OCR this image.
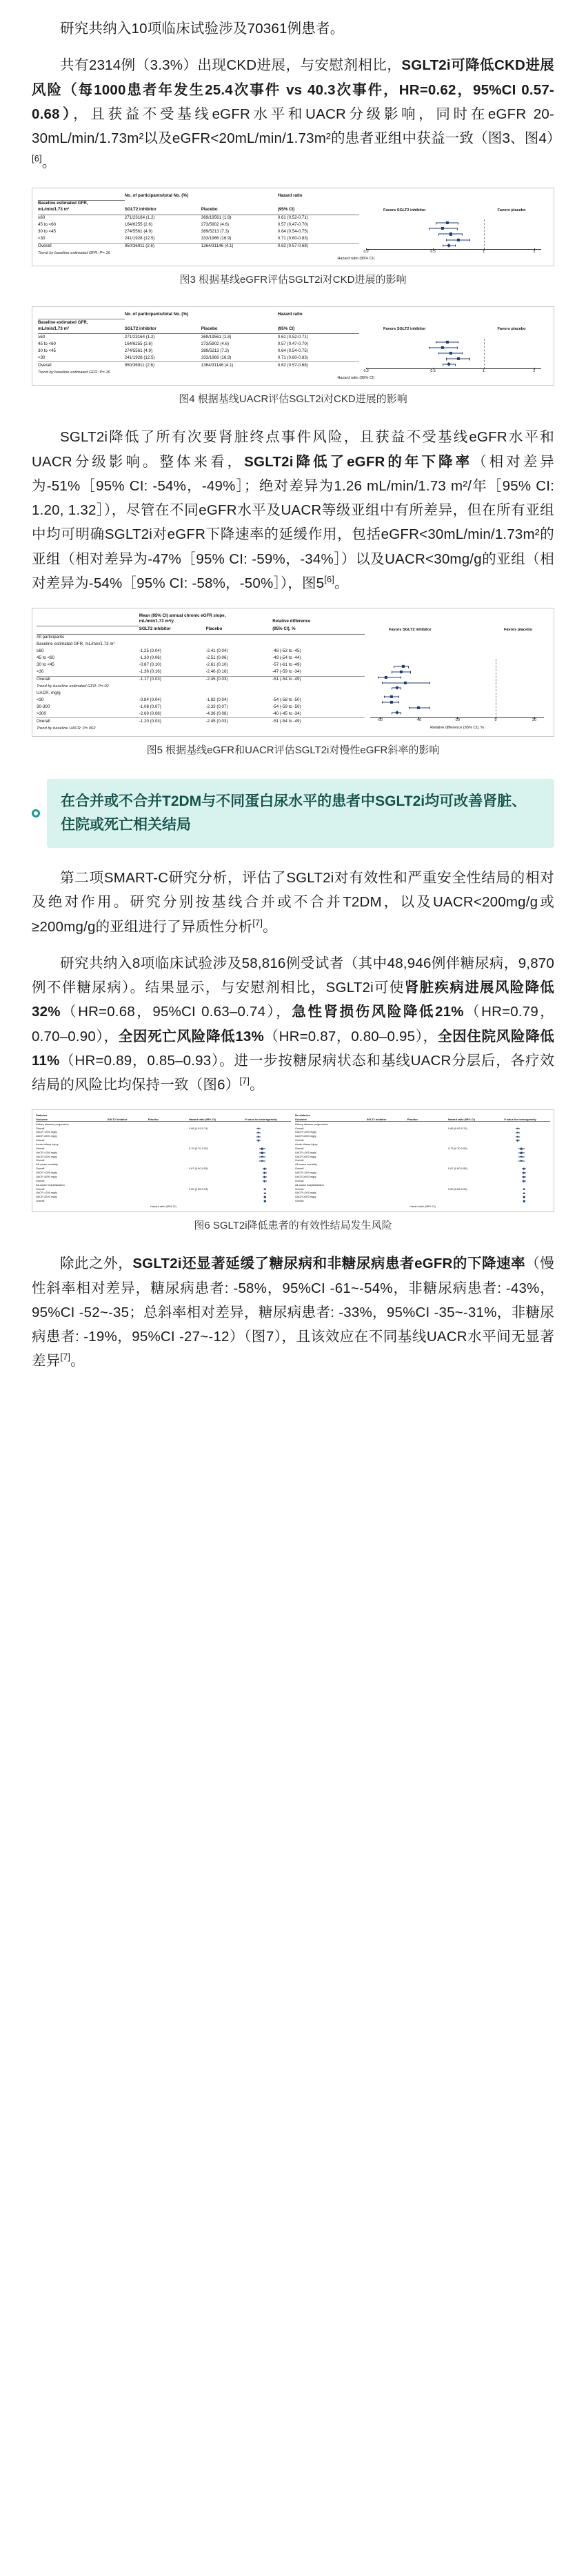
研究共纳入10项临床试验涉及70361例患者。

共有2314例（3.3%）出现CKD进展，与安慰剂相比，SGLT2i可降低CKD进展风险（每1000患者年发生25.4次事件 vs 40.3次事件，HR=0.62，95%CI 0.57-0.68），且获益不受基线eGFR水平和UACR分级影响，同时在eGFR 20-30mL/min/1.73m²以及eGFR<20mL/min/1.73m²的患者亚组中获益一致（图3、图4）[6]。

	No. of participants/total No. (%)		Hazard ratio	Favors SGLT2 inhibitor Favors placebo

Baseline estimated GFR,
mL/min/1.73 m²	SGLT2 inhibitor	Placebo	(95% CI)	
≥60	271/23164 (1.2)	369/19561 (1.8)	0.61 (0.52-0.71)	0.2 0.5 1 2

45 to <60	164/6255 (2.6)	273/5902 (4.6)	0.57 (0.47-0.70)	
30 to <45	274/5561 (4.9)	389/5213 (7.3)	0.64 (0.54-0.75)	
<30	241/1928 (12.5)	333/1966 (16.9)	0.71 (0.60-0.83)	
Overall	950/36911 (2.6)	1364/31146 (4.1)	0.62 (0.57-0.68)	
Trend by baseline estimated GFR: P=.16				
Hazard ratio (95% CI)
图3 根据基线eGFR评估SGLT2i对CKD进展的影响
	No. of participants/total No. (%)		Hazard ratio	Favors SGLT2 inhibitor Favors placebo

Baseline estimated GFR,
mL/min/1.73 m²	SGLT2 inhibitor	Placebo	(95% CI)	
≥60	271/23164 (1.2)	369/19561 (1.8)	0.61 (0.52-0.71)	0.2 0.5 1 2

45 to <60	164/6255 (2.6)	273/5902 (4.6)	0.57 (0.47-0.70)	
30 to <45	274/5561 (4.9)	389/5213 (7.3)	0.64 (0.54-0.75)	
<30	241/1928 (12.5)	333/1966 (16.9)	0.71 (0.60-0.83)	
Overall	950/36911 (2.6)	1364/31146 (4.1)	0.62 (0.57-0.68)	
Trend by baseline estimated GFR: P=.16				
Hazard ratio (95% CI)
图4 根据基线UACR评估SGLT2i对CKD进展的影响

SGLT2i降低了所有次要肾脏终点事件风险，且获益不受基线eGFR水平和UACR分级影响。整体来看，SGLT2i降低了eGFR的年下降率（相对差异为-51%［95% CI: -54%，-49%］；绝对差异为1.26 mL/min/1.73 m²/年［95% CI: 1.20, 1.32］），尽管在不同eGFR水平及UACR等级亚组中有所差异，但在所有亚组中均可明确SGLT2i对eGFR下降速率的延缓作用，包括eGFR<30mL/min/1.73m²的亚组（相对差异为-47%［95% CI: -59%，-34%］）以及UACR<30mg/g的亚组（相对差异为-54%［95% CI: -58%，-50%］），图5[6]。

Mean (95% CI) annual chronic eGFR slope,
mL/min/1.73 m²/y	Relative difference	
Favors SGLT2 inhibitor	Favors placebo

	SGLT2 inhibitor	Placebo	(95% CI), %	
All participants				-60 -40 -20 0 20

Baseline estimated GFR, mL/min/1.73 m²				
≥60	-1.25 (0.04)	-2.41 (0.04)	-48 (-53 to -45)	
45 to <60	-1.30 (0.06)	-2.51 (0.06)	-49 (-54 to -44)	
30 to <45	-0.87 (0.10)	-2.61 (0.10)	-57 (-61 to -49)	
<30	-1.36 (0.16)	-2.46 (0.16)	-47 (-59 to -34)	
Overall	-1.17 (0.03)	-2.45 (0.03)	-51 (-54 to -49)	
Trend by baseline estimated GFR: P=.02				
UACR, mg/g				
<30	-0.84 (0.04)	-1.82 (0.04)	-54 (-58 to -50)	
30-300	-1.08 (0.07)	-2.33 (0.07)	-54 (-59 to -50)	
>300	-2.69 (0.08)	-4.36 (0.08)	-40 (-45 to -34)	
Overall	-1.20 (0.03)	-2.45 (0.03)	-51 (-54 to -49)	
Trend by baseline UACR: P=.002				Relative difference (95% CI), %
图5 根据基线eGFR和UACR评估SGLT2i对慢性eGFR斜率的影响
在合并或不合并T2DM与不同蛋白尿水平的患者中SGLT2i均可改善肾脏、住院或死亡相关结局

第二项SMART-C研究分析，评估了SGLT2i对有效性和严重安全性结局的相对及绝对作用。研究分别按基线合并或不合并T2DM，以及UACR<200mg/g或≥200mg/g的亚组进行了异质性分析[7]。

研究共纳入8项临床试验涉及58,816例受试者（其中48,946例伴糖尿病，9,870例不伴糖尿病）。结果显示，与安慰剂相比，SGLT2i可使肾脏疾病进展风险降低32%（HR=0.68，95%CI 0.63–0.74），急性肾损伤风险降低21%（HR=0.79，0.70–0.90），全因死亡风险降低13%（HR=0.87，0.80–0.95），全因住院风险降低11%（HR=0.89，0.85–0.93）。进一步按糖尿病状态和基线UACR分层后，各疗效结局的风险比均保持一致（图6）[7]。

Diabetes
Outcome	SGLT2 inhibitor	Placebo	Hazard ratio (95% CI)	P value for heterogeneity
Kidney disease progression				
Overall			0.68 (0.63-0.74)	

UACR <200 mg/g				

UACR ≥200 mg/g				

Overall				

Acute kidney injury				
Overall			0.79 (0.70-0.90)	

UACR <200 mg/g				

UACR ≥200 mg/g				

Overall				

All-cause mortality				
Overall			0.87 (0.80-0.95)	

UACR <200 mg/g				

UACR ≥200 mg/g				

Overall				

All-cause hospitalization				
Overall			0.89 (0.85-0.93)	

UACR <200 mg/g				

UACR ≥200 mg/g				

Overall				
Hazard ratio (95% CI)
No diabetes
Outcome	SGLT2 inhibitor	Placebo	Hazard ratio (95% CI)	P value for heterogeneity
Kidney disease progression				
Overall			0.68 (0.63-0.74)	

UACR <200 mg/g				

UACR ≥200 mg/g				

Overall				

Acute kidney injury				
Overall			0.79 (0.70-0.90)	

UACR <200 mg/g				

UACR ≥200 mg/g				

Overall				

All-cause mortality				
Overall			0.87 (0.80-0.95)	

UACR <200 mg/g				

UACR ≥200 mg/g				

Overall				

All-cause hospitalization				
Overall			0.89 (0.85-0.93)	

UACR <200 mg/g				

UACR ≥200 mg/g				

Overall				
Hazard ratio (95% CI)
图6 SGLT2i降低患者的有效性结局发生风险

除此之外，SGLT2i还显著延缓了糖尿病和非糖尿病患者eGFR的下降速率（慢性斜率相对差异，糖尿病患者: -58%，95%CI -61~-54%，非糖尿病患者: -43%，95%CI -52~-35；总斜率相对差异，糖尿病患者: -33%，95%CI -35~-31%，非糖尿病患者: -19%，95%CI -27~-12）（图7），且该效应在不同基线UACR水平间无显著差异[7]。
